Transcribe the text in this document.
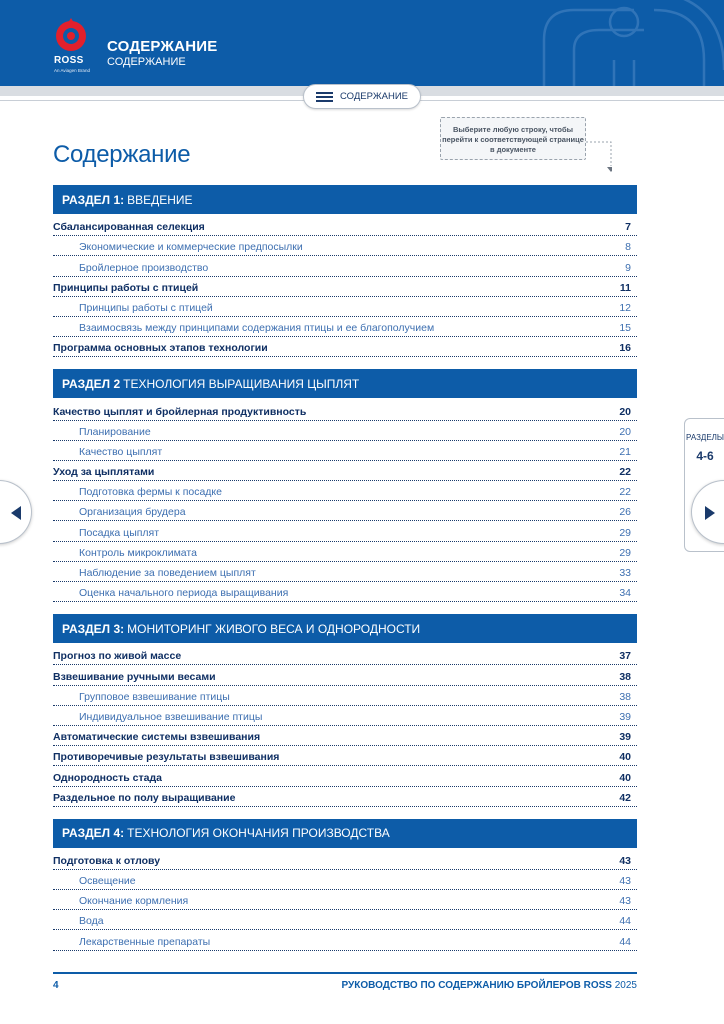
ROSS
An Aviagen Brand
СОДЕРЖАНИЕ
СОДЕРЖАНИЕ
СОДЕРЖАНИЕ
Выберите любую строку, чтобы перейти к соответствующей странице в документе
Содержание
РАЗДЕЛ 1: ВВЕДЕНИЕ
Сбалансированная селекция	7
Экономические и коммерческие предпосылки	8
Бройлерное производство	9
Принципы работы с птицей	11
Принципы работы с птицей	12
Взаимосвязь между принципами содержания птицы и ее благополучием	15
Программа основных этапов технологии	16
РАЗДЕЛ 2 ТЕХНОЛОГИЯ ВЫРАЩИВАНИЯ ЦЫПЛЯТ
Качество цыплят и бройлерная продуктивность	20
Планирование	20
Качество цыплят	21
Уход за цыплятами	22
Подготовка фермы к посадке	22
Организация брудера	26
Посадка цыплят	29
Контроль микроклимата	29
Наблюдение за поведением цыплят	33
Оценка начального периода выращивания	34
РАЗДЕЛ 3: МОНИТОРИНГ ЖИВОГО ВЕСА И ОДНОРОДНОСТИ
Прогноз по живой массе	37
Взвешивание ручными весами	38
Групповое взвешивание птицы	38
Индивидуальное взвешивание птицы	39
Автоматические системы взвешивания	39
Противоречивые результаты взвешивания	40
Однородность стада	40
Раздельное по полу выращивание	42
РАЗДЕЛ 4: ТЕХНОЛОГИЯ ОКОНЧАНИЯ ПРОИЗВОДСТВА
Подготовка к отлову	43
Освещение	43
Окончание кормления	43
Вода	44
Лекарственные препараты	44
РАЗДЕЛЫ
4-6
4	РУКОВОДСТВО ПО СОДЕРЖАНИЮ БРОЙЛЕРОВ ROSS 2025
